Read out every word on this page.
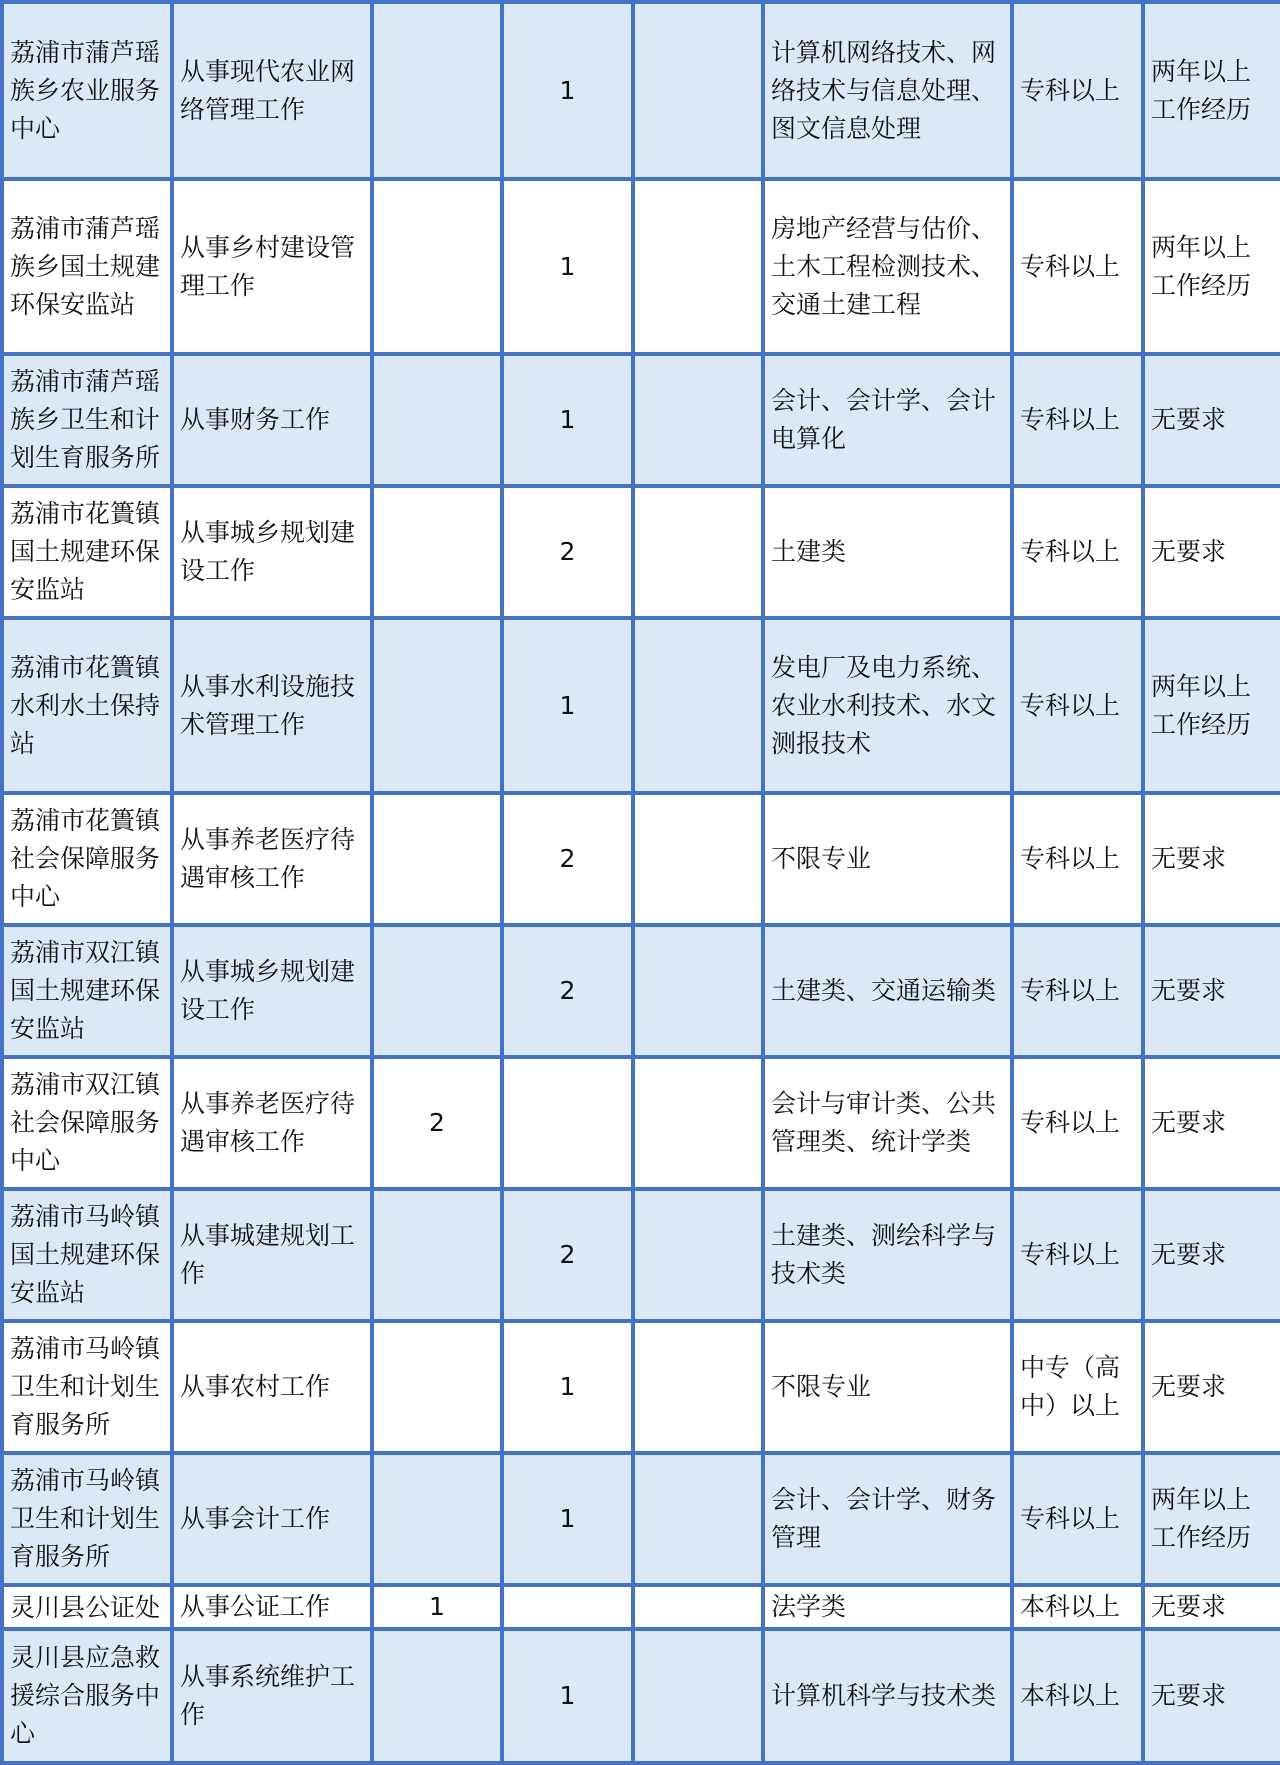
荔浦市蒲芦瑶族乡农业服务中心	从事现代农业网络管理工作		1		计算机网络技术、网络技术与信息处理、图文信息处理	专科以上	两年以上工作经历
荔浦市蒲芦瑶族乡国土规建环保安监站	从事乡村建设管理工作		1		房地产经营与估价、土木工程检测技术、交通土建工程	专科以上	两年以上工作经历

荔浦市蒲芦瑶族乡卫生和计划生育服务所	从事财务工作		1		会计、会计学、会计电算化	专科以上	无要求
荔浦市花簣镇国土规建环保安监站	从事城乡规划建设工作		2		土建类	专科以上	无要求
荔浦市花簣镇水利水土保持站	从事水利设施技术管理工作		1		发电厂及电力系统、农业水利技术、水文测报技术	专科以上	两年以上工作经历
荔浦市花簣镇社会保障服务中心	从事养老医疗待遇审核工作		2		不限专业	专科以上	无要求
荔浦市双江镇国土规建环保安监站	从事城乡规划建设工作		2		土建类、交通运输类	专科以上	无要求
荔浦市双江镇社会保障服务中心	从事养老医疗待遇审核工作	2			会计与审计类、公共管理类、统计学类	专科以上	无要求
荔浦市马岭镇国土规建环保安监站	从事城建规划工作		2		土建类、测绘科学与技术类	专科以上	无要求

荔浦市马岭镇卫生和计划生育服务所	从事农村工作		1		不限专业	中专（高中）以上	无要求

荔浦市马岭镇卫生和计划生育服务所	从事会计工作		1		会计、会计学、财务管理	专科以上	两年以上工作经历

灵川县公证处	从事公证工作	1			法学类	本科以上	无要求
灵川县应急救援综合服务中心	从事系统维护工作		1		计算机科学与技术类	本科以上	无要求
